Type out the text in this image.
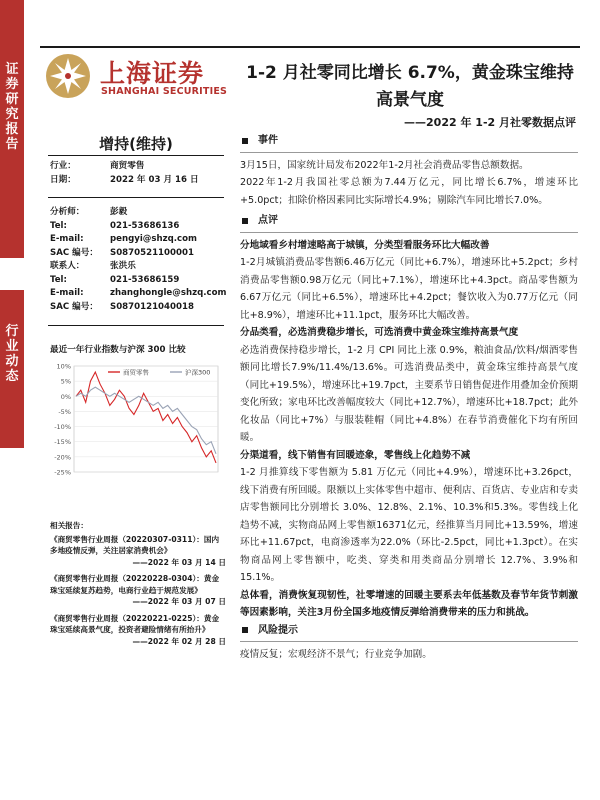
证券研究报告
行业动态
上海证券
SHANGHAI SECURITIES
1-2 月社零同比增长 6.7%，黄金珠宝维持高景气度
——2022 年 1-2 月社零数据点评
增持(维持)
行业：	商贸零售
日期：	2022 年 03 月 16 日
分析师：	彭毅
Tel:	021-53686136
E-mail:	pengyi@shzq.com
SAC 编号： S0870521100001
联系人：	张洪乐
Tel:	021-53686159
E-mail:	zhanghongle@shzq.com
SAC 编号： S0870121040018
最近一年行业指数与沪深 300 比较
10%
5%
0%
-5%
-10%
-15%
-20%
-25%
商贸零售	沪深300
相关报告：
《商贸零售行业周报（20220307-0311）：国内多地疫情反弹，关注居家消费机会》
——2022 年 03 月 14 日
《商贸零售行业周报（20220228-0304）：黄金珠宝延续复苏趋势，电商行业趋于规范发展》
——2022 年 03 月 07 日
《商贸零售行业周报（20220221-0225）：黄金珠宝延续高景气度，投资者避险情绪有所抬升》
——2022 年 02 月 28 日
事件

3月15日，国家统计局发布2022年1-2月社会消费品零售总额数据。

2022年1-2月我国社零总额为7.44万亿元，同比增长6.7%，增速环比+5.0pct；扣除价格因素同比实际增长4.9%；剔除汽车同比增长7.0%。

点评

分地域看乡村增速略高于城镇，分类型看服务环比大幅改善

1-2月城镇消费品零售额6.46万亿元（同比+6.7%），增速环比+5.2pct；乡村消费品零售额0.98万亿元（同比+7.1%），增速环比+4.3pct。商品零售额为6.67万亿元（同比+6.5%），增速环比+4.2pct；餐饮收入为0.77万亿元（同比+8.9%），增速环比+11.1pct，服务环比大幅改善。

分品类看，必选消费稳步增长，可选消费中黄金珠宝维持高景气度

必选消费保持稳步增长，1-2 月 CPI 同比上涨 0.9%，粮油食品/饮料/烟酒零售额同比增长7.9%/11.4%/13.6%。可选消费品类中，黄金珠宝维持高景气度（同比+19.5%），增速环比+19.7pct，主要系节日销售促进作用叠加金价预期变化所致；家电环比改善幅度较大（同比+12.7%），增速环比+18.7pct；此外化妆品（同比+7%）与服装鞋帽（同比+4.8%）在春节消费催化下均有所回暖。

分渠道看，线下销售有回暖迹象，零售线上化趋势不减

1-2 月推算线下零售额为 5.81 万亿元（同比+4.9%），增速环比+3.26pct，线下消费有所回暖。限额以上实体零售中超市、便利店、百货店、专业店和专卖店零售额同比分别增长 3.0%、12.8%、2.1%、10.3%和5.3%。零售线上化趋势不减，实物商品网上零售额16371亿元，经推算当月同比+13.59%，增速环比+11.67pct，电商渗透率为22.0%（环比-2.5pct，同比+1.3pct）。在实物商品网上零售额中，吃类、穿类和用类商品分别增长 12.7%、3.9%和 15.1%。

总体看，消费恢复现韧性，社零增速的回暖主要系去年低基数及春节年货节刺激等因素影响，关注3月份全国多地疫情反弹给消费带来的压力和挑战。

风险提示

疫情反复；宏观经济不景气；行业竞争加剧。
